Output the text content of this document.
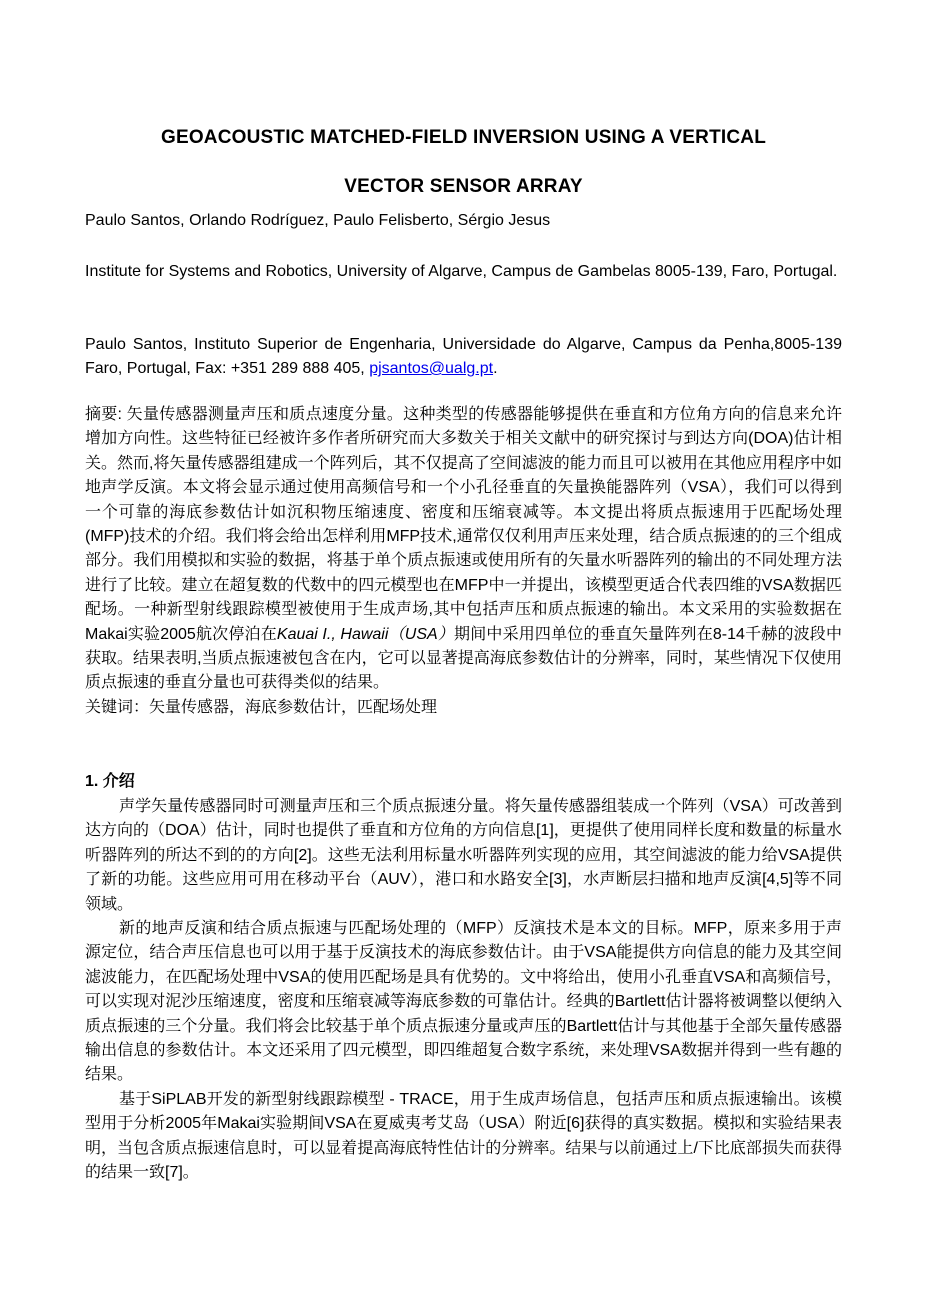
GEOACOUSTIC MATCHED-FIELD INVERSION USING A VERTICAL
VECTOR SENSOR ARRAY
Paulo Santos, Orlando Rodríguez, Paulo Felisberto, Sérgio Jesus
Institute for Systems and Robotics, University of Algarve, Campus de Gambelas 8005-139, Faro, Portugal.
Paulo Santos, Instituto Superior de Engenharia, Universidade do Algarve, Campus da Penha,8005-139 Faro, Portugal, Fax: +351 289 888 405, pjsantos@ualg.pt.
摘要: 矢量传感器测量声压和质点速度分量。这种类型的传感器能够提供在垂直和方位角方向的信息来允许增加方向性。这些特征已经被许多作者所研究而大多数关于相关文献中的研究探讨与到达方向(DOA)估计相关。然而,将矢量传感器组建成一个阵列后，其不仅提高了空间滤波的能力而且可以被用在其他应用程序中如地声学反演。本文将会显示通过使用高频信号和一个小孔径垂直的矢量换能器阵列（VSA），我们可以得到一个可靠的海底参数估计如沉积物压缩速度、密度和压缩衰减等。本文提出将质点振速用于匹配场处理(MFP)技术的介绍。我们将会给出怎样利用MFP技术,通常仅仅利用声压来处理，结合质点振速的的三个组成部分。我们用模拟和实验的数据，将基于单个质点振速或使用所有的矢量水听器阵列的输出的不同处理方法进行了比较。建立在超复数的代数中的四元模型也在MFP中一并提出，该模型更适合代表四维的VSA数据匹配场。一种新型射线跟踪模型被使用于生成声场,其中包括声压和质点振速的输出。本文采用的实验数据在Makai实验2005航次停泊在Kauai I., Hawaii（USA）期间中采用四单位的垂直矢量阵列在8-14千赫的波段中获取。结果表明,当质点振速被包含在内，它可以显著提高海底参数估计的分辨率，同时，某些情况下仅使用质点振速的垂直分量也可获得类似的结果。
关键词：矢量传感器，海底参数估计，匹配场处理
1. 介绍

声学矢量传感器同时可测量声压和三个质点振速分量。将矢量传感器组装成一个阵列（VSA）可改善到达方向的（DOA）估计，同时也提供了垂直和方位角的方向信息[1]，更提供了使用同样长度和数量的标量水听器阵列的所达不到的的方向[2]。这些无法利用标量水听器阵列实现的应用，其空间滤波的能力给VSA提供了新的功能。这些应用可用在移动平台（AUV），港口和水路安全[3]，水声断层扫描和地声反演[4,5]等不同领域。

新的地声反演和结合质点振速与匹配场处理的（MFP）反演技术是本文的目标。MFP，原来多用于声源定位，结合声压信息也可以用于基于反演技术的海底参数估计。由于VSA能提供方向信息的能力及其空间滤波能力，在匹配场处理中VSA的使用匹配场是具有优势的。文中将给出，使用小孔垂直VSA和高频信号，可以实现对泥沙压缩速度，密度和压缩衰减等海底参数的可靠估计。经典的Bartlett估计器将被调整以便纳入质点振速的三个分量。我们将会比较基于单个质点振速分量或声压的Bartlett估计与其他基于全部矢量传感器输出信息的参数估计。本文还采用了四元模型，即四维超复合数字系统，来处理VSA数据并得到一些有趣的结果。

基于SiPLAB开发的新型射线跟踪模型 - TRACE，用于生成声场信息，包括声压和质点振速输出。该模型用于分析2005年Makai实验期间VSA在夏威夷考艾岛（USA）附近[6]获得的真实数据。模拟和实验结果表明，当包含质点振速信息时，可以显着提高海底特性估计的分辨率。结果与以前通过上/下比底部损失而获得的结果一致[7]。
